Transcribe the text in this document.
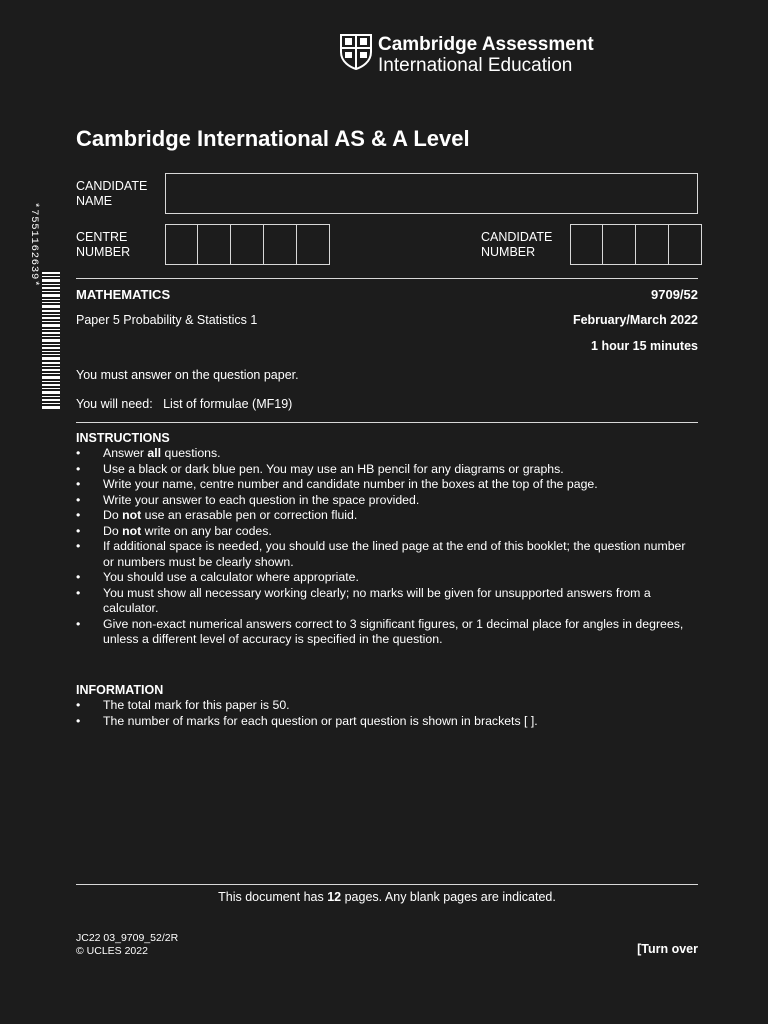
Cambridge Assessment
International Education
Cambridge International AS & A Level
CANDIDATE
NAME
CENTRE
NUMBER
CANDIDATE
NUMBER
*7551162639*
MATHEMATICS	9709/52
Paper 5 Probability & Statistics 1	February/March 2022
1 hour 15 minutes
You must answer on the question paper.
You will need: List of formulae (MF19)
INSTRUCTIONS
• Answer all questions.
• Use a black or dark blue pen. You may use an HB pencil for any diagrams or graphs.
• Write your name, centre number and candidate number in the boxes at the top of the page.
• Write your answer to each question in the space provided.
• Do not use an erasable pen or correction fluid.
• Do not write on any bar codes.
• If additional space is needed, you should use the lined page at the end of this booklet; the question number or numbers must be clearly shown.
• You should use a calculator where appropriate.
• You must show all necessary working clearly; no marks will be given for unsupported answers from a calculator.
• Give non-exact numerical answers correct to 3 significant figures, or 1 decimal place for angles in degrees, unless a different level of accuracy is specified in the question.
INFORMATION
• The total mark for this paper is 50.
• The number of marks for each question or part question is shown in brackets [ ].
This document has 12 pages. Any blank pages are indicated.
JC22 03_9709_52/2R
© UCLES 2022	[Turn over
